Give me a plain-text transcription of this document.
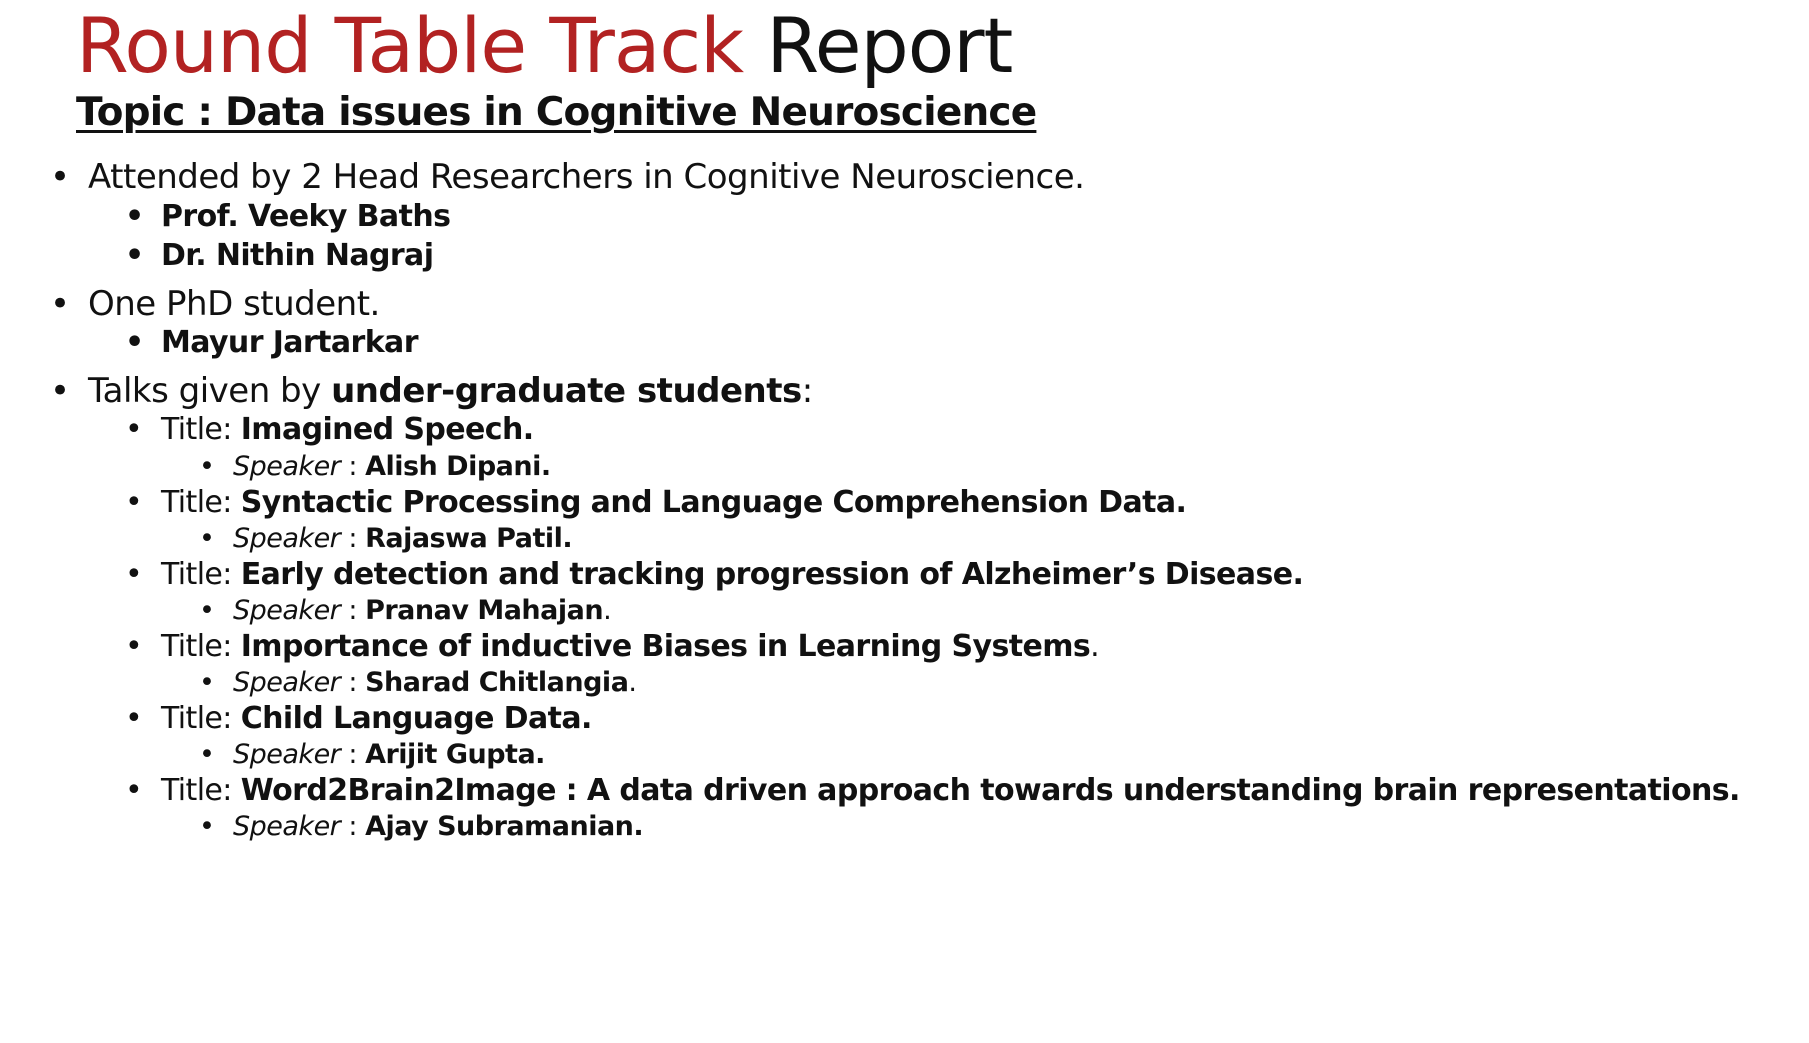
Round Table Track Report
Topic : Data issues in Cognitive Neuroscience
• Attended by 2 Head Researchers in Cognitive Neuroscience.
• Prof. Veeky Baths
• Dr. Nithin Nagraj
• One PhD student.
• Mayur Jartarkar
• Talks given by under-graduate students:
• Title: Imagined Speech.
• Speaker : Alish Dipani.
• Title: Syntactic Processing and Language Comprehension Data.
• Speaker : Rajaswa Patil.
• Title: Early detection and tracking progression of Alzheimer’s Disease.
• Speaker : Pranav Mahajan.
• Title: Importance of inductive Biases in Learning Systems.
• Speaker : Sharad Chitlangia.
• Title: Child Language Data.
• Speaker : Arijit Gupta.
• Title: Word2Brain2Image : A data driven approach towards understanding brain representations.
• Speaker : Ajay Subramanian.
